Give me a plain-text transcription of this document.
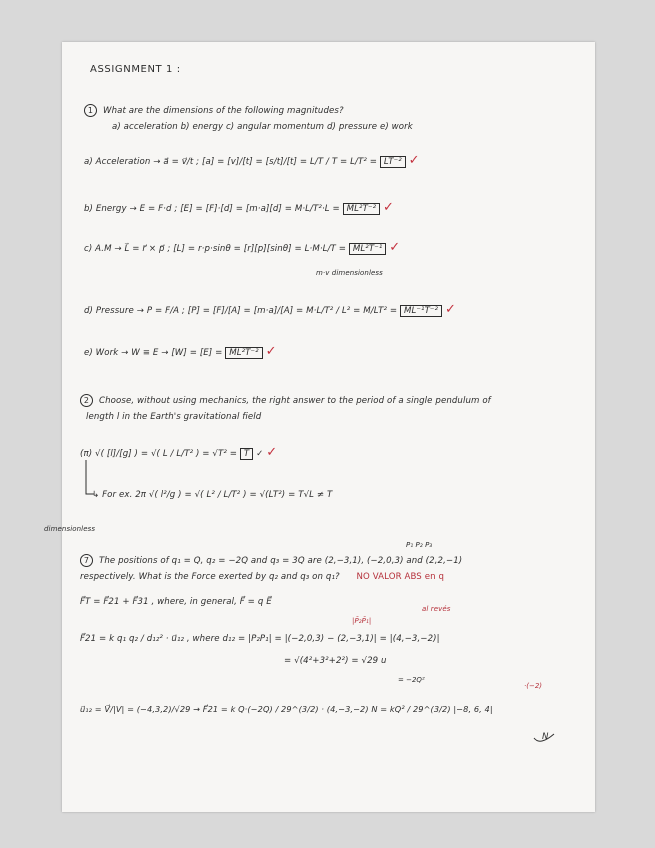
ASSIGNMENT 1 :
1 What are the dimensions of the following magnitudes?
a) acceleration b) energy c) angular momentum d) pressure e) work
a) Acceleration → a⃗ = v⃗/t ; [a] = [v]/[t] = [s/t]/[t] = L/T / T = L/T² = LT⁻² ✓
b) Energy → E = F·d ; [E] = [F]·[d] = [m·a][d] = M·L/T²·L = ML²T⁻² ✓
c) A.M → L⃗ = r⃗ × p⃗ ; [L] = r·p·sinθ = [r][p][sinθ] = L·M·L/T = ML²T⁻¹ ✓
m·v dimensionless
d) Pressure → P = F/A ; [P] = [F]/[A] = [m·a]/[A] = M·L/T² / L² = M/LT² = ML⁻¹T⁻² ✓
e) Work → W ≡ E → [W] = [E] = ML²T⁻² ✓
2 Choose, without using mechanics, the right answer to the period of a single pendulum of
length l in the Earth's gravitational field
(π) √( [l]/[g] ) = √( L / L/T² ) = √T² = T ✓ ✓
↳ For ex. 2π √( l²/g ) = √( L² / L/T² ) = √(LT²) = T√L ≠ T
dimensionless
P₁ P₂ P₃
7 The positions of q₁ = Q, q₂ = −2Q and q₃ = 3Q are (2,−3,1), (−2,0,3) and (2,2,−1)
respectively. What is the Force exerted by q₂ and q₃ on q₁? NO VALOR ABS en q
F⃗T = F⃗21 + F⃗31 , where, in general, F⃗ = q E⃗
al revés
|P̄₂P̄₁|
F⃗21 = k q₁ q₂ / d₁₂² · u⃗₁₂ , where d₁₂ = |P₂P₁| = |(−2,0,3) − (2,−3,1)| = |(4,−3,−2)|
= √(4²+3²+2²) = √29 u
= −2Q²
·(−2)
u⃗₁₂ = V⃗/|V| = (−4,3,2)/√29 → F⃗21 = k Q·(−2Q) / 29^(3/2) · (4,−3,−2) N = kQ² / 29^(3/2) |−8, 6, 4|
N
